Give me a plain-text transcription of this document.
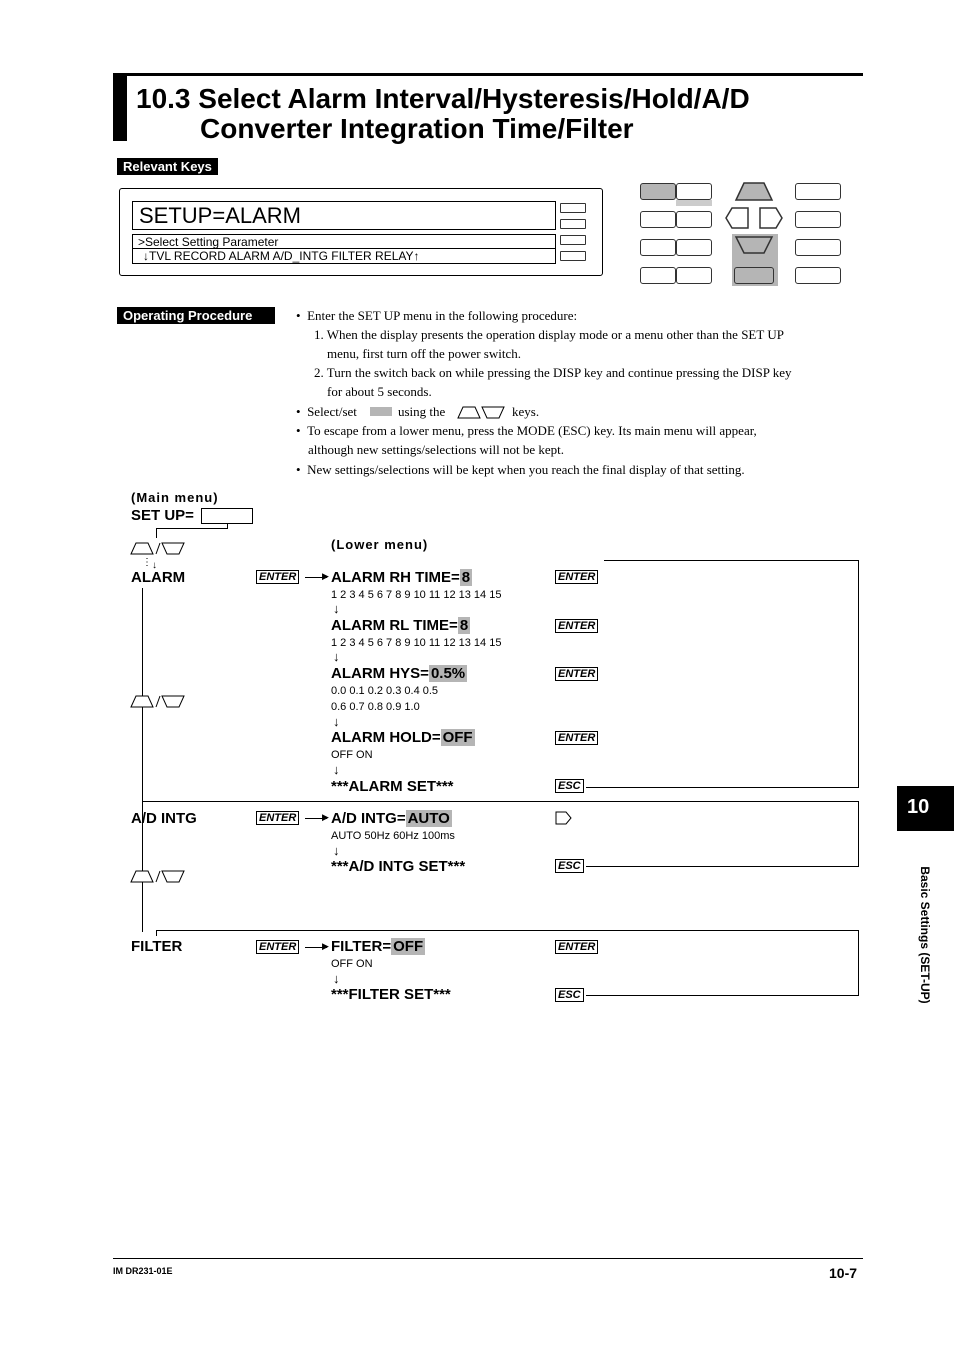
10.3 Select Alarm Interval/Hysteresis/Hold/A/D
Converter Integration Time/Filter
Relevant Keys
SETUP=ALARM
>Select Setting Parameter
↓TVL RECORD ALARM A/D_INTG FILTER RELAY↑
Operating Procedure	•  Enter the SET UP menu in the following procedure:
1. When the display presents the operation display mode or a menu other than the SET UP
menu, first turn off the power switch.
2. Turn the switch back on while pressing the DISP key and continue pressing the DISP key
for about 5 seconds.
•  Select/set	using the	keys.
•  To escape from a lower menu, press the MODE (ESC) key. Its main menu will appear,
although new settings/selections will not be kept.
•  New settings/selections will be kept when you reach the final display of that setting.
(Main menu)
SET UP=
(Lower menu)
⋮ ↓
ALARM	ENTER	▶ ALARM RH TIME= 8
1 2 3 4 5 6 7 8 9 10 11 12 13 14 15
↓
ENTER
ALARM RL TIME= 8
1 2 3 4 5 6 7 8 9 10 11 12 13 14 15
↓
ENTER
ALARM HYS= 0.5%
0.0 0.1 0.2 0.3 0.4 0.5
0.6 0.7 0.8 0.9 1.0
↓
ENTER
ALARM HOLD= OFF
OFF ON
↓
ENTER
***ALARM SET***	ESC
A/D INTG	ENTER	▶ A/D INTG= AUTO
AUTO 50Hz 60Hz 100ms
↓
***A/D INTG SET***	ESC
FILTER	ENTER	▶ FILTER= OFF
OFF ON
↓
ENTER
***FILTER SET***	ESC
10
Basic Settings (SET-UP)
IM DR231-01E	10-7
